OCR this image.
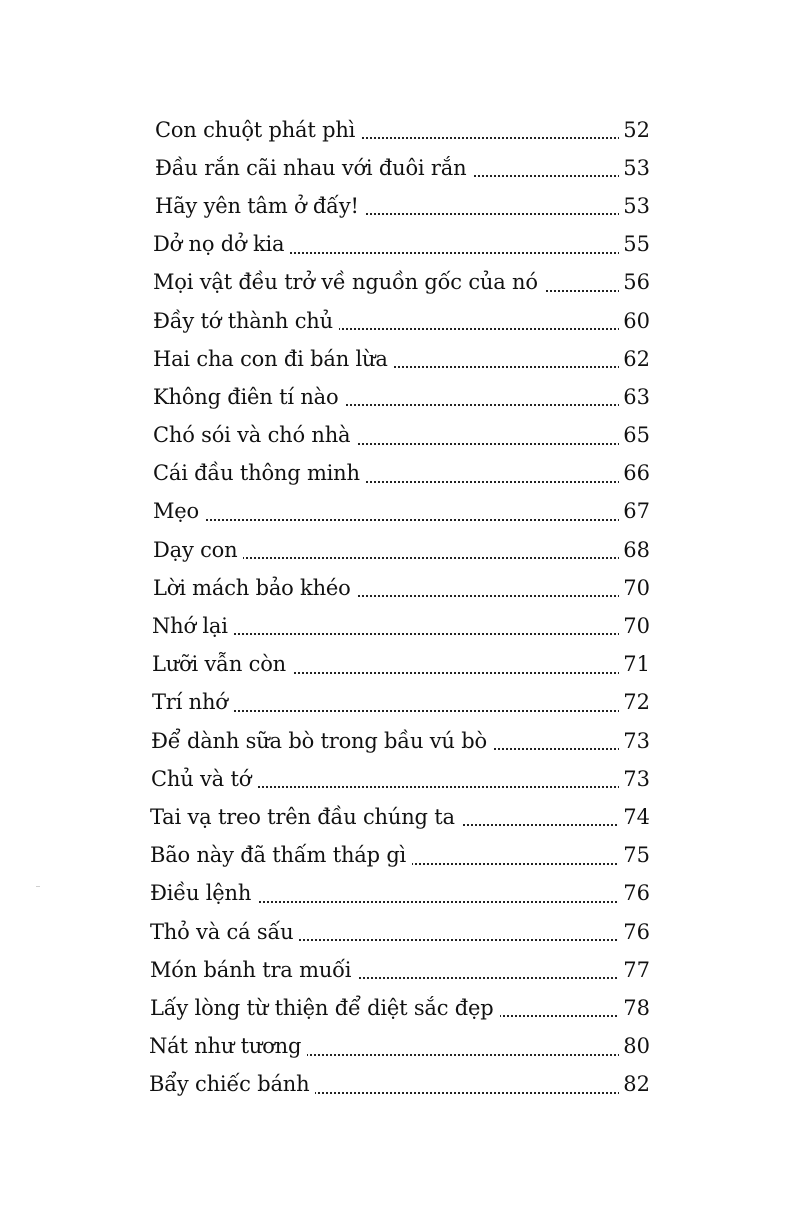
Con chuột phát phì	52
Đầu rắn cãi nhau với đuôi rắn	53
Hãy yên tâm ở đấy!	53
Dở nọ dở kia	55
Mọi vật đều trở về nguồn gốc của nó	56
Đầy tớ thành chủ	60
Hai cha con đi bán lừa	62
Không điên tí nào	63
Chó sói và chó nhà	65
Cái đầu thông minh	66
Mẹo	67
Dạy con	68
Lời mách bảo khéo	70
Nhớ lại	70
Lưỡi vẫn còn	71
Trí nhớ	72
Để dành sữa bò trong bầu vú bò	73
Chủ và tớ	73
Tai vạ treo trên đầu chúng ta	74
Bão này đã thấm tháp gì	75
Điều lệnh	76
Thỏ và cá sấu	76
Món bánh tra muối	77
Lấy lòng từ thiện để diệt sắc đẹp	78
Nát như tương	80
Bẩy chiếc bánh	82
